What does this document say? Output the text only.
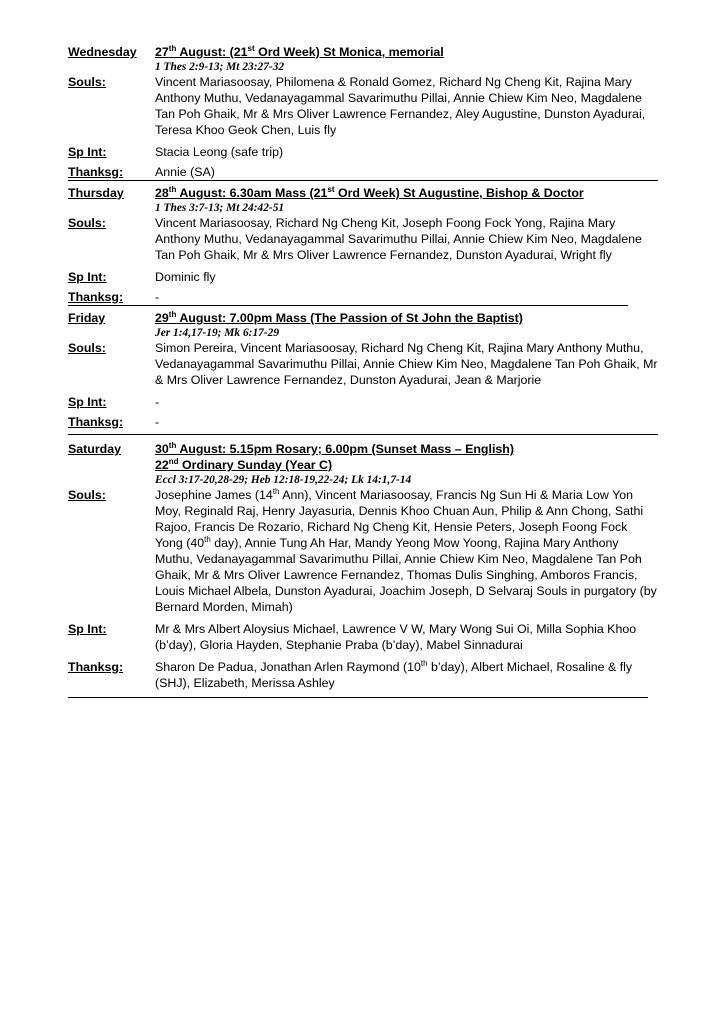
Wednesday	27th August: (21st Ord Week) St Monica, memorial
1 Thes 2:9-13; Mt 23:27-32
Souls:	Vincent Mariasoosay, Philomena & Ronald Gomez, Richard Ng Cheng Kit, Rajina Mary Anthony Muthu, Vedanayagammal Savarimuthu Pillai, Annie Chiew Kim Neo, Magdalene Tan Poh Ghaik, Mr & Mrs Oliver Lawrence Fernandez, Aley Augustine, Dunston Ayadurai, Teresa Khoo Geok Chen, Luis fly
Sp Int:	Stacia Leong (safe trip)
Thanksg:	Annie (SA)
Thursday	28th August: 6.30am Mass (21st Ord Week) St Augustine, Bishop & Doctor
1 Thes 3:7-13; Mt 24:42-51
Souls:	Vincent Mariasoosay, Richard Ng Cheng Kit, Joseph Foong Fock Yong, Rajina Mary Anthony Muthu, Vedanayagammal Savarimuthu Pillai, Annie Chiew Kim Neo, Magdalene Tan Poh Ghaik, Mr & Mrs Oliver Lawrence Fernandez, Dunston Ayadurai, Wright fly
Sp Int:	Dominic fly
Thanksg:	-
Friday	29th August: 7.00pm Mass (The Passion of St John the Baptist)
Jer 1:4,17-19; Mk 6:17-29
Souls:	Simon Pereira, Vincent Mariasoosay, Richard Ng Cheng Kit, Rajina Mary Anthony Muthu, Vedanayagammal Savarimuthu Pillai, Annie Chiew Kim Neo, Magdalene Tan Poh Ghaik, Mr & Mrs Oliver Lawrence Fernandez, Dunston Ayadurai, Jean & Marjorie
Sp Int:	-
Thanksg:	-
Saturday	30th August: 5.15pm Rosary; 6.00pm (Sunset Mass – English)
22nd Ordinary Sunday (Year C)
Eccl 3:17-20,28-29; Heb 12:18-19,22-24; Lk 14:1,7-14
Souls:	Josephine James (14th Ann), Vincent Mariasoosay, Francis Ng Sun Hi & Maria Low Yon Moy, Reginald Raj, Henry Jayasuria, Dennis Khoo Chuan Aun, Philip & Ann Chong, Sathi Rajoo, Francis De Rozario, Richard Ng Cheng Kit, Hensie Peters, Joseph Foong Fock Yong (40th day), Annie Tung Ah Har, Mandy Yeong Mow Yoong, Rajina Mary Anthony Muthu, Vedanayagammal Savarimuthu Pillai, Annie Chiew Kim Neo, Magdalene Tan Poh Ghaik, Mr & Mrs Oliver Lawrence Fernandez, Thomas Dulis Singhing, Amboros Francis, Louis Michael Albela, Dunston Ayadurai, Joachim Joseph, D Selvaraj Souls in purgatory (by Bernard Morden, Mimah)
Sp Int:	Mr & Mrs Albert Aloysius Michael, Lawrence V W, Mary Wong Sui Oi, Milla Sophia Khoo (b’day), Gloria Hayden, Stephanie Praba (b’day), Mabel Sinnadurai
Thanksg:	Sharon De Padua, Jonathan Arlen Raymond (10th b’day), Albert Michael, Rosaline & fly (SHJ), Elizabeth, Merissa Ashley
